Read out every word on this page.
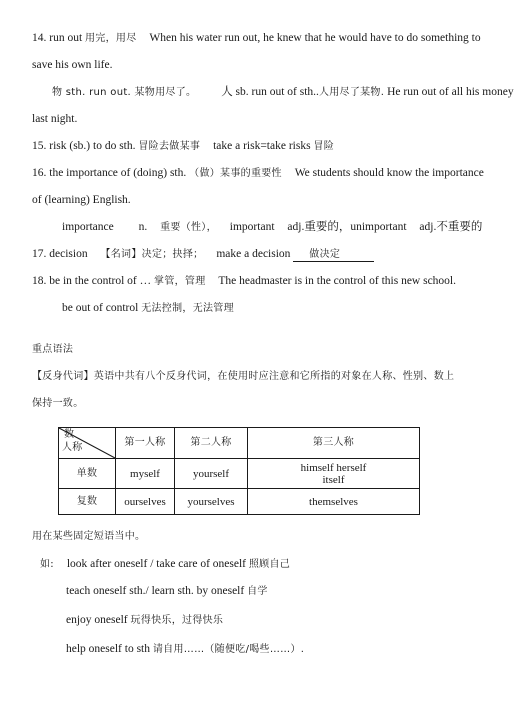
14. run out 用完，用尽 When his water run out, he knew that he would have to do something to
save his own life.
物 sth. run out. 某物用尽了。 人 sb. run out of sth..人用尽了某物. He run out of all his money
last night.
15. risk (sb.) to do sth. 冒险去做某事 take a risk=take risks 冒险
16. the importance of (doing) sth. （做）某事的重要性 We students should know the importance
of (learning) English.
importance n. 重要（性）， important adj.重要的，unimportant adj.不重要的
17. decision 【名词】决定；抉择； make a decision 做决定
18. be in the control of … 掌管，管理 The headmaster is in the control of this new school.
be out of control 无法控制，无法管理
重点语法
【反身代词】英语中共有八个反身代词，在使用时应注意和它所指的对象在人称、性别、数上
保持一致。
数
人称	第一人称	第二人称	第三人称
单数	myself	yourself	himself herself
itself

复数	ourselves	yourselves	themselves
用在某些固定短语当中。
如: look after oneself / take care of oneself 照顾自己
teach oneself sth./ learn sth. by oneself 自学
enjoy oneself 玩得快乐，过得快乐
help oneself to sth 请自用……（随便吃/喝些……）.
